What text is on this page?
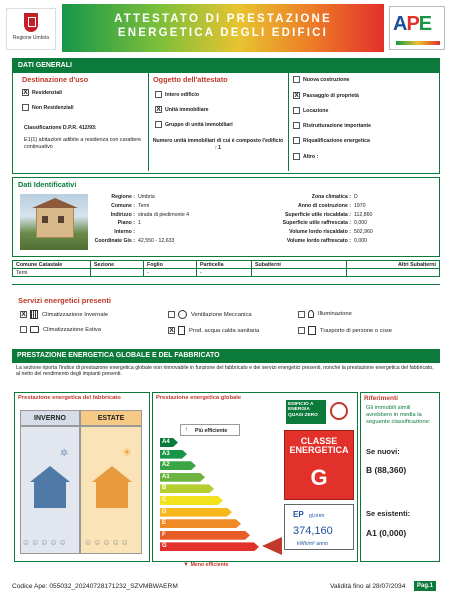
Regione Umbria
ATTESTATO DI PRESTAZIONE
ENERGETICA DEGLI EDIFICI	APE
DATI GENERALI
Destinazione d'uso
X Residenziali
Non Residenziali
Classificazione D.P.R. 412/93:
E1(1) abitazioni adibite a residenza con carattere continuativo
Oggetto dell'attestato
Intero edificio
X Unità immobiliare
Gruppo di unità immobiliari
Numero unità immobiliari di cui è composto l'edificio : 1
Nuova costruzione
X Passaggio di proprietà
Locazione
Ristrutturazione importante
Riqualificazione energetica
Altro :
Dati Identificativi
Regione : Umbria
Comune : Terni
Indirizzo : strada di piedimonte 4
Piano : 1
Interno :
Coordinate Gis : 42,550 - 12,633
Zona climatica : D
Anno di costruzione : 1970
Superficie utile riscaldata : 112,860
Superficie utile raffrescata : 0,000
Volume lordo riscaldato : 502,960
Volume lordo raffrescato : 0,000
Comune Catastale	Sezione	Foglio	Particella	Subalterni	Altri Subalterni
Terni		-	-		
Servizi energetici presenti
X	Climatizzazione Invernale
Climatizzazione Estiva
Ventilazione Meccanica
X	Prod. acqua calda sanitaria
Illuminazione
Trasporto di persone o cose
PRESTAZIONE ENERGETICA GLOBALE E DEL FABBRICATO
La sezione riporta l'indice di prestazione energetica globale non rinnovabile in funzione del fabbricato e dei servizi energetici presenti, nonché la prestazione energetica del fabbricato, al netto del rendimento degli impianti presenti.
Prestazione energetica del fabbricato
INVERNO	ESTATE
✲	☀
☺☺☺☺☺ ☺☺☺☺☺
Prestazione energetica globale
EDIFICIO A ENERGIA QUASI ZERO
↑ Più efficiente
A4
A3
A2
A1
B
C
D
E
F
G
▼ Meno efficiente
CLASSE ENERGETICA
G
EP gl,nren
374,160
kWh/m² anno
Riferimenti
Gli immobili simili avrebbero in media la seguente classificazione:
Se nuovi:
B (88,360)
Se esistenti:
A1 (0,000)
Codice Ape: 055032_20240728171232_SZVMBWAERM	Validità fino al 28/07/2034	Pag.1
